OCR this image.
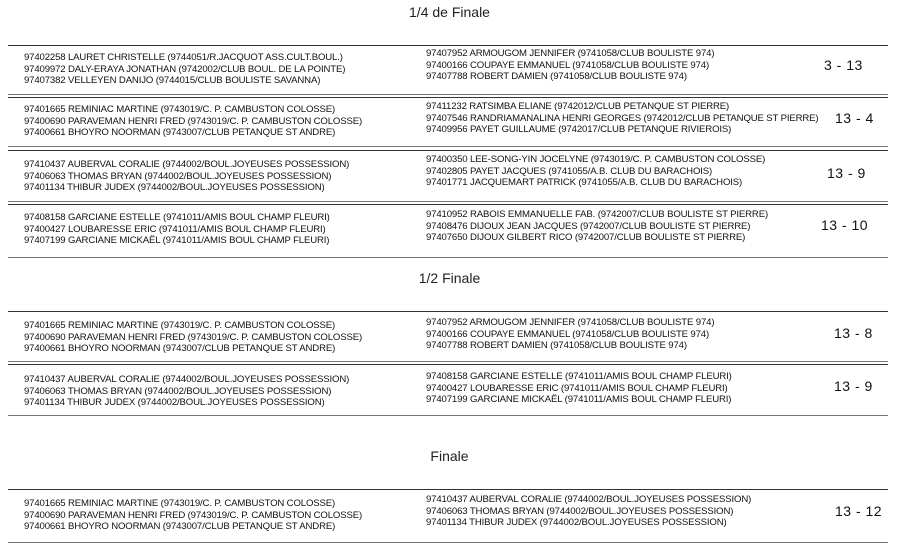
1/4 de Finale
97402258 LAURET CHRISTELLE (9744051/R.JACQUOT ASS.CULT.BOUL.)
97409972 DALY-ERAYA JONATHAN (9742002/CLUB BOUL. DE LA POINTE)
97407382 VELLEYEN DANIJO (9744015/CLUB BOULISTE SAVANNA)
97407952 ARMOUGOM JENNIFER (9741058/CLUB BOULISTE 974)
97400166 COUPAYE EMMANUEL (9741058/CLUB BOULISTE 974)
97407788 ROBERT DAMIEN (9741058/CLUB BOULISTE 974)
3 - 13
97401665 REMINIAC MARTINE (9743019/C. P. CAMBUSTON COLOSSE)
97400690 PARAVEMAN HENRI FRED (9743019/C. P. CAMBUSTON COLOSSE)
97400661 BHOYRO NOORMAN (9743007/CLUB PETANQUE ST ANDRE)
97411232 RATSIMBA ELIANE (9742012/CLUB PETANQUE ST PIERRE)
97407546 RANDRIAMANALINA HENRI GEORGES (9742012/CLUB PETANQUE ST PIERRE)
97409956 PAYET GUILLAUME (9742017/CLUB PETANQUE RIVIEROIS)
13 - 4
97410437 AUBERVAL CORALIE (9744002/BOUL.JOYEUSES POSSESSION)
97406063 THOMAS BRYAN (9744002/BOUL.JOYEUSES POSSESSION)
97401134 THIBUR JUDEX (9744002/BOUL.JOYEUSES POSSESSION)
97400350 LEE-SONG-YIN JOCELYNE (9743019/C. P. CAMBUSTON COLOSSE)
97402805 PAYET JACQUES (9741055/A.B. CLUB DU BARACHOIS)
97401771 JACQUEMART PATRICK (9741055/A.B. CLUB DU BARACHOIS)
13 - 9
97408158 GARCIANE ESTELLE (9741011/AMIS BOUL CHAMP FLEURI)
97400427 LOUBARESSE ERIC (9741011/AMIS BOUL CHAMP FLEURI)
97407199 GARCIANE MICKAËL (9741011/AMIS BOUL CHAMP FLEURI)
97410952 RABOIS EMMANUELLE FAB. (9742007/CLUB BOULISTE ST PIERRE)
97408476 DIJOUX JEAN JACQUES (9742007/CLUB BOULISTE ST PIERRE)
97407650 DIJOUX GILBERT RICO (9742007/CLUB BOULISTE ST PIERRE)
13 - 10
1/2 Finale
97401665 REMINIAC MARTINE (9743019/C. P. CAMBUSTON COLOSSE)
97400690 PARAVEMAN HENRI FRED (9743019/C. P. CAMBUSTON COLOSSE)
97400661 BHOYRO NOORMAN (9743007/CLUB PETANQUE ST ANDRE)
97407952 ARMOUGOM JENNIFER (9741058/CLUB BOULISTE 974)
97400166 COUPAYE EMMANUEL (9741058/CLUB BOULISTE 974)
97407788 ROBERT DAMIEN (9741058/CLUB BOULISTE 974)
13 - 8
97410437 AUBERVAL CORALIE (9744002/BOUL.JOYEUSES POSSESSION)
97406063 THOMAS BRYAN (9744002/BOUL.JOYEUSES POSSESSION)
97401134 THIBUR JUDEX (9744002/BOUL.JOYEUSES POSSESSION)
97408158 GARCIANE ESTELLE (9741011/AMIS BOUL CHAMP FLEURI)
97400427 LOUBARESSE ERIC (9741011/AMIS BOUL CHAMP FLEURI)
97407199 GARCIANE MICKAËL (9741011/AMIS BOUL CHAMP FLEURI)
13 - 9
Finale
97401665 REMINIAC MARTINE (9743019/C. P. CAMBUSTON COLOSSE)
97400690 PARAVEMAN HENRI FRED (9743019/C. P. CAMBUSTON COLOSSE)
97400661 BHOYRO NOORMAN (9743007/CLUB PETANQUE ST ANDRE)
97410437 AUBERVAL CORALIE (9744002/BOUL.JOYEUSES POSSESSION)
97406063 THOMAS BRYAN (9744002/BOUL.JOYEUSES POSSESSION)
97401134 THIBUR JUDEX (9744002/BOUL.JOYEUSES POSSESSION)
13 - 12
